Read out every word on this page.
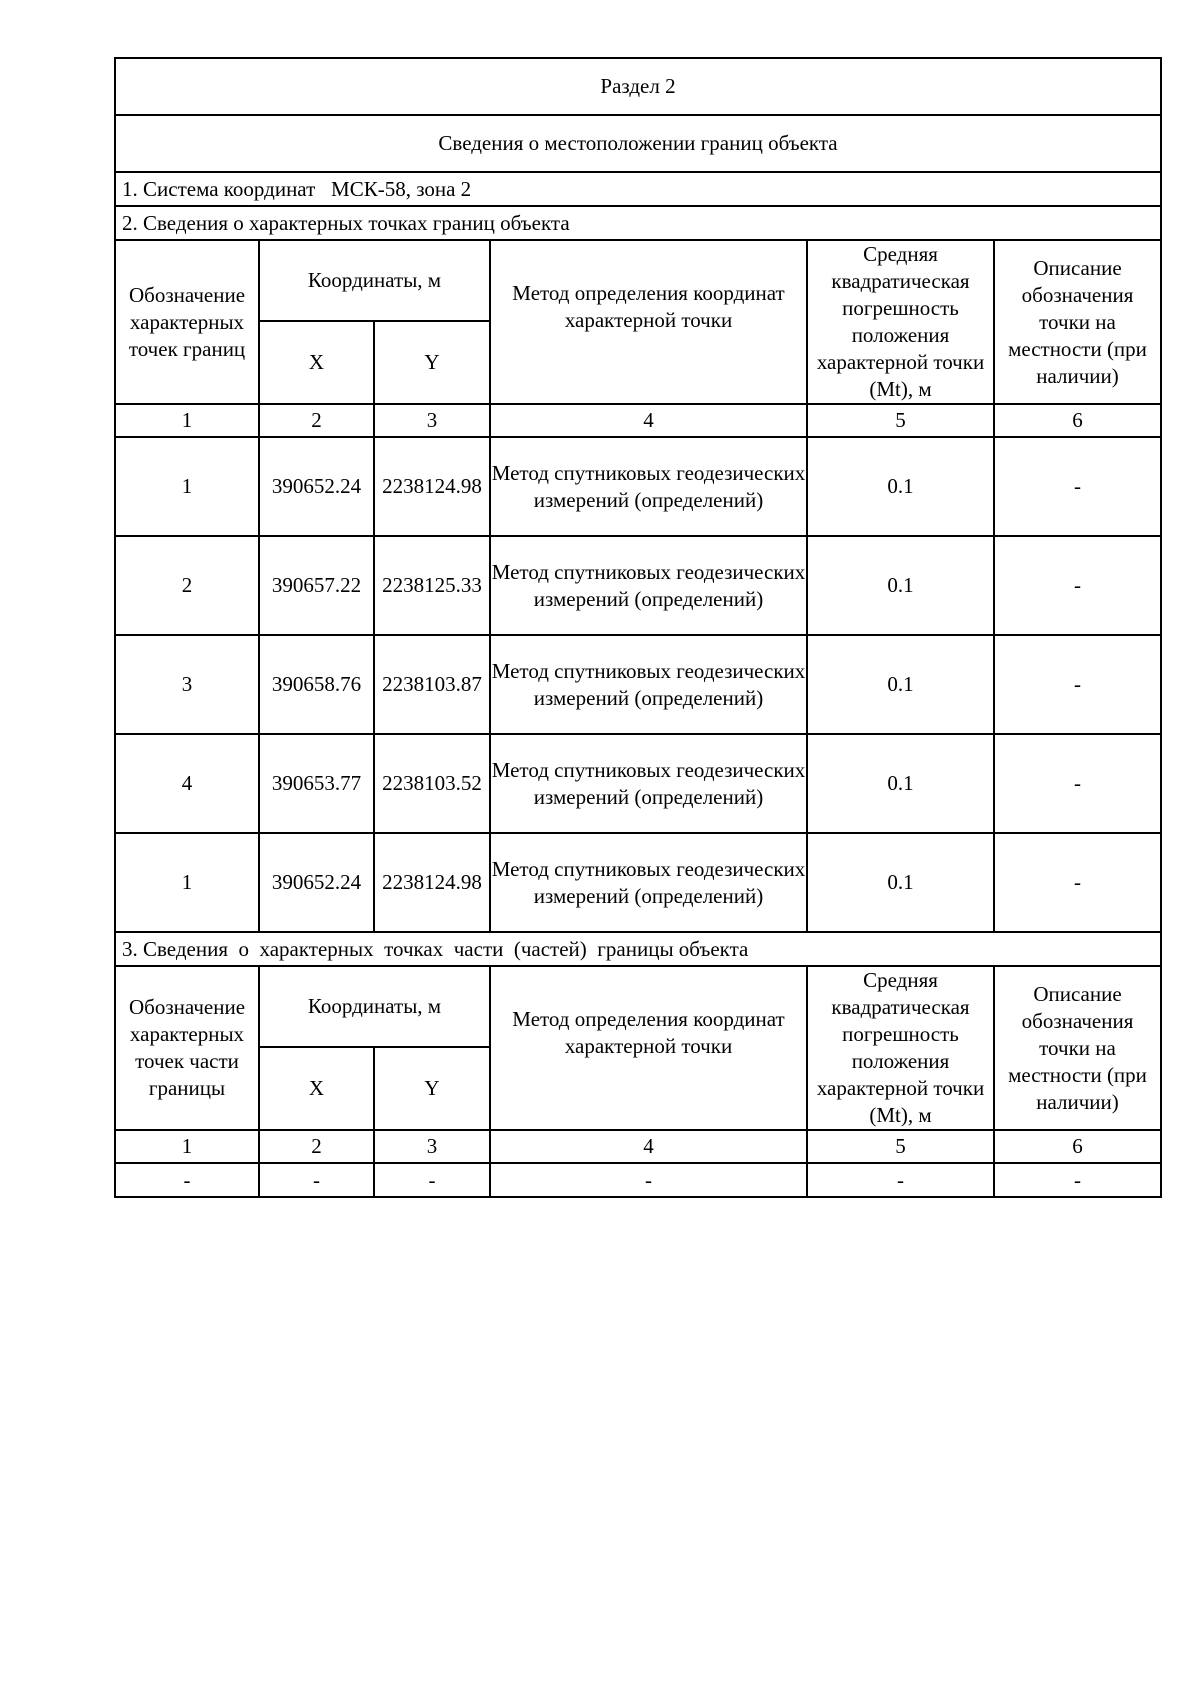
Раздел 2					
Сведения о местоположении границ объекта					
1. Система координат МСК-58, зона 2					
2. Сведения о характерных точках границ объекта					
Обозначение характерных точек границ	Координаты, м		Метод определения координат характерной точки	Средняя квадратическая погрешность положения характерной точки (Mt), м	Описание обозначения точки на местности (при наличии)
	X	Y			
1	2	3	4	5	6
1	390652.24	2238124.98	Метод спутниковых геодезических измерений (определений)	0.1	-
2	390657.22	2238125.33	Метод спутниковых геодезических измерений (определений)	0.1	-
3	390658.76	2238103.87	Метод спутниковых геодезических измерений (определений)	0.1	-
4	390653.77	2238103.52	Метод спутниковых геодезических измерений (определений)	0.1	-
1	390652.24	2238124.98	Метод спутниковых геодезических измерений (определений)	0.1	-
3. Сведения  о  характерных  точках  части  (частей)  границы объекта					
Обозначение характерных точек части границы	Координаты, м		Метод определения координат характерной точки	Средняя квадратическая погрешность положения характерной точки (Mt), м	Описание обозначения точки на местности (при наличии)
	X	Y			
1	2	3	4	5	6
-	-	-	-	-	-
